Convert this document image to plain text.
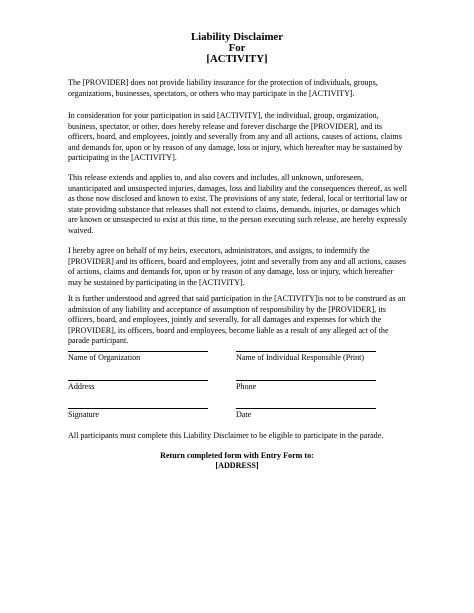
Liability Disclaimer
For
[ACTIVITY]
The [PROVIDER] does not provide liability insurance for the protection of individuals, groups, organizations, businesses, spectators, or others who may participate in the [ACTIVITY].
In consideration for your participation in said [ACTIVITY], the individual, group, organization, business, spectator, or other, does hereby release and forever discharge the [PROVIDER], and its officers, board, and employees, jointly and severally from any and all actions, causes of actions, claims and demands for, upon or by reason of any damage, loss or injury, which hereafter may be sustained by participating in the [ACTIVITY].
This release extends and applies to, and also covers and includes, all unknown, unforeseen, unanticipated and unsuspected injuries, damages, loss and liability and the consequences thereof, as well as those now disclosed and known to exist. The provisions of any state, federal, local or territorial law or state providing substance that releases shall not extend to claims, demands, injuries, or damages which are known or unsuspected to exist at this time, to the person executing such release, are hereby expressly waived.
I hereby agree on behalf of my heirs, executors, administrators, and assigns, to indemnify the [PROVIDER] and its officers, board and employees, joint and severally from any and all actions, causes of actions, claims and demands for, upon or by reason of any damage, loss or injury, which hereafter may be sustained by participating in the [ACTIVITY].
It is further understood and agreed that said participation in the [ACTIVITY]is not to be construed as an admission of any liability and acceptance of assumption of responsibility by the [PROVIDER], its officers, board, and employees, jointly and severally, for all damages and expenses for which the [PROVIDER], its officers, board and employees, become liable as a result of any alleged act of the parade participant.
Name of Organization	Name of Individual Responsible (Print)
Address	Phone
Signature	Date
All participants must complete this Liability Disclaimer to be eligible to participate in the parade.
Return completed form with Entry Form to:
[ADDRESS]
